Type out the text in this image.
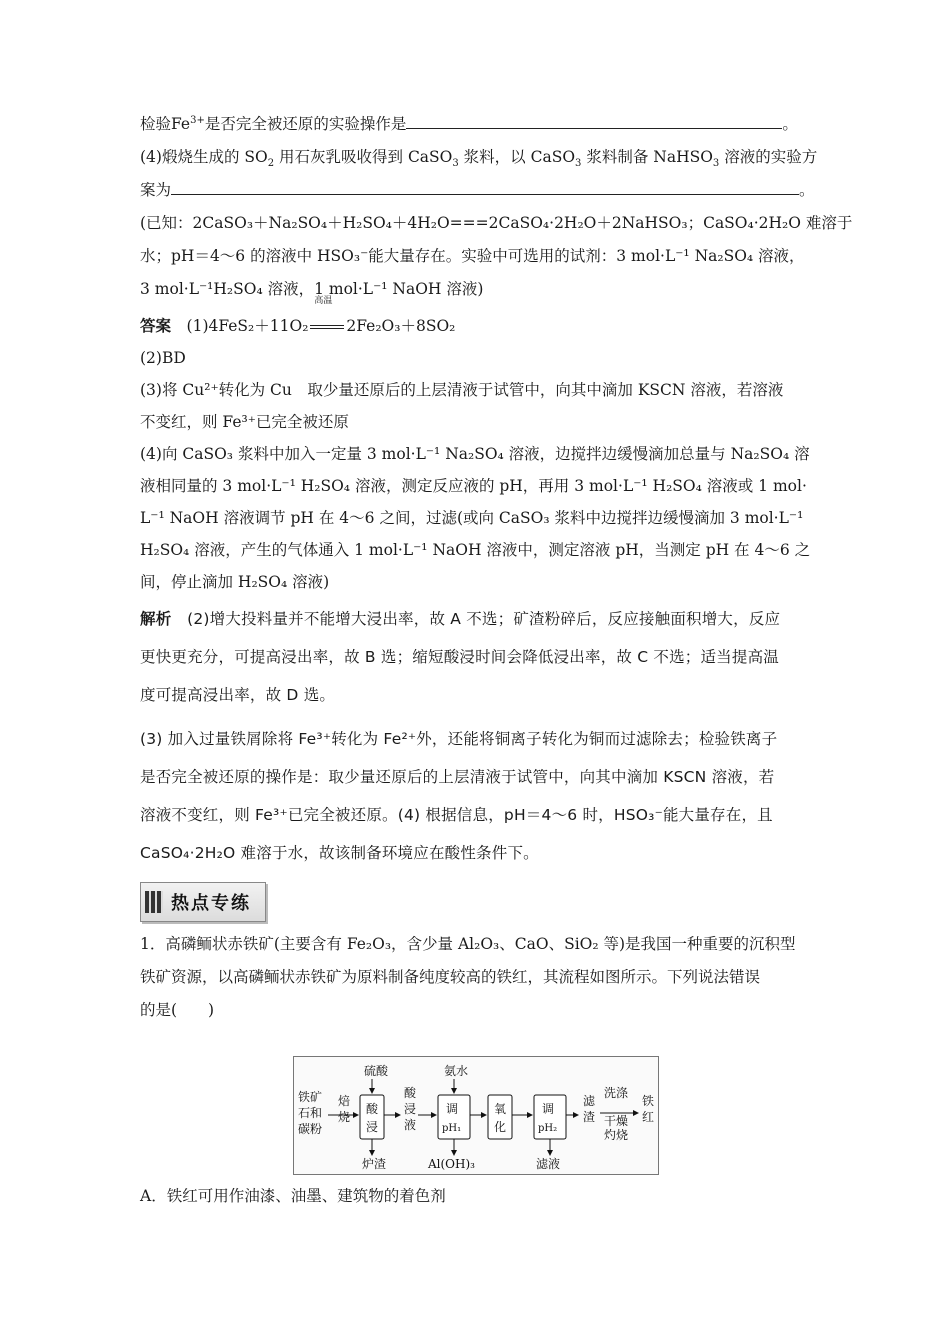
检验$Fe^{3+}$是否完全被还原的实验操作是	。
(4)煅烧生成的 $SO_2$ 用石灰乳吸收得到 CaSO$_3$ 浆料，以 CaSO$_3$ 浆料制备 NaHSO$_3$ 溶液的实验方
案为	。
(已知：2CaSO₃＋Na₂SO₄＋H₂SO₄＋4H₂O===2CaSO₄·2H₂O＋2NaHSO₃；CaSO₄·2H₂O 难溶于
水；pH＝4～6 的溶液中 HSO₃⁻能大量存在。实验中可选用的试剂：3 mol·L⁻¹ Na₂SO₄ 溶液，
3 mol·L⁻¹H₂SO₄ 溶液，1 mol·L⁻¹ NaOH 溶液)
答案　 (1)4FeS₂＋11O₂
高温
2Fe₂O₃＋8SO₂
(2)BD
(3)将 Cu²⁺转化为 Cu　取少量还原后的上层清液于试管中，向其中滴加 KSCN 溶液，若溶液
不变红，则 Fe³⁺已完全被还原
(4)向 CaSO₃ 浆料中加入一定量 3 mol·L⁻¹ Na₂SO₄ 溶液，边搅拌边缓慢滴加总量与 Na₂SO₄ 溶
液相同量的 3 mol·L⁻¹ H₂SO₄ 溶液，测定反应液的 pH，再用 3 mol·L⁻¹ H₂SO₄ 溶液或 1 mol·
L⁻¹ NaOH 溶液调节 pH 在 4～6 之间，过滤(或向 CaSO₃ 浆料中边搅拌边缓慢滴加 3 mol·L⁻¹
H₂SO₄ 溶液，产生的气体通入 1 mol·L⁻¹ NaOH 溶液中，测定溶液 pH，当测定 pH 在 4～6 之
间，停止滴加 H₂SO₄ 溶液)
解析　 (2)增大投料量并不能增大浸出率，故 A 不选；矿渣粉碎后，反应接触面积增大，反应
更快更充分，可提高浸出率，故 B 选；缩短酸浸时间会降低浸出率，故 C 不选；适当提高温
度可提高浸出率，故 D 选。
(3) 加入过量铁屑除将 Fe³⁺转化为 Fe²⁺外，还能将铜离子转化为铜而过滤除去；检验铁离子
是否完全被还原的操作是：取少量还原后的上层清液于试管中，向其中滴加 KSCN 溶液，若
溶液不变红，则 Fe³⁺已完全被还原。(4) 根据信息，pH＝4～6 时，HSO₃⁻能大量存在，且
CaSO₄·2H₂O 难溶于水，故该制备环境应在酸性条件下。
热点专练
1．高磷鲕状赤铁矿(主要含有 Fe₂O₃，含少量 Al₂O₃、CaO、SiO₂ 等)是我国一种重要的沉积型
铁矿资源，以高磷鲕状赤铁矿为原料制备纯度较高的铁红，其流程如图所示。下列说法错误
的是(　　)
铁矿石和碳粉
焙烧
酸浸
硫酸
炉渣
酸浸液
调
pH₁
氨水
Al(OH)₃
氧化
调
pH₂
滤液
滤渣
洗涤
干燥
灼烧
铁红
A．铁红可用作油漆、油墨、建筑物的着色剂
